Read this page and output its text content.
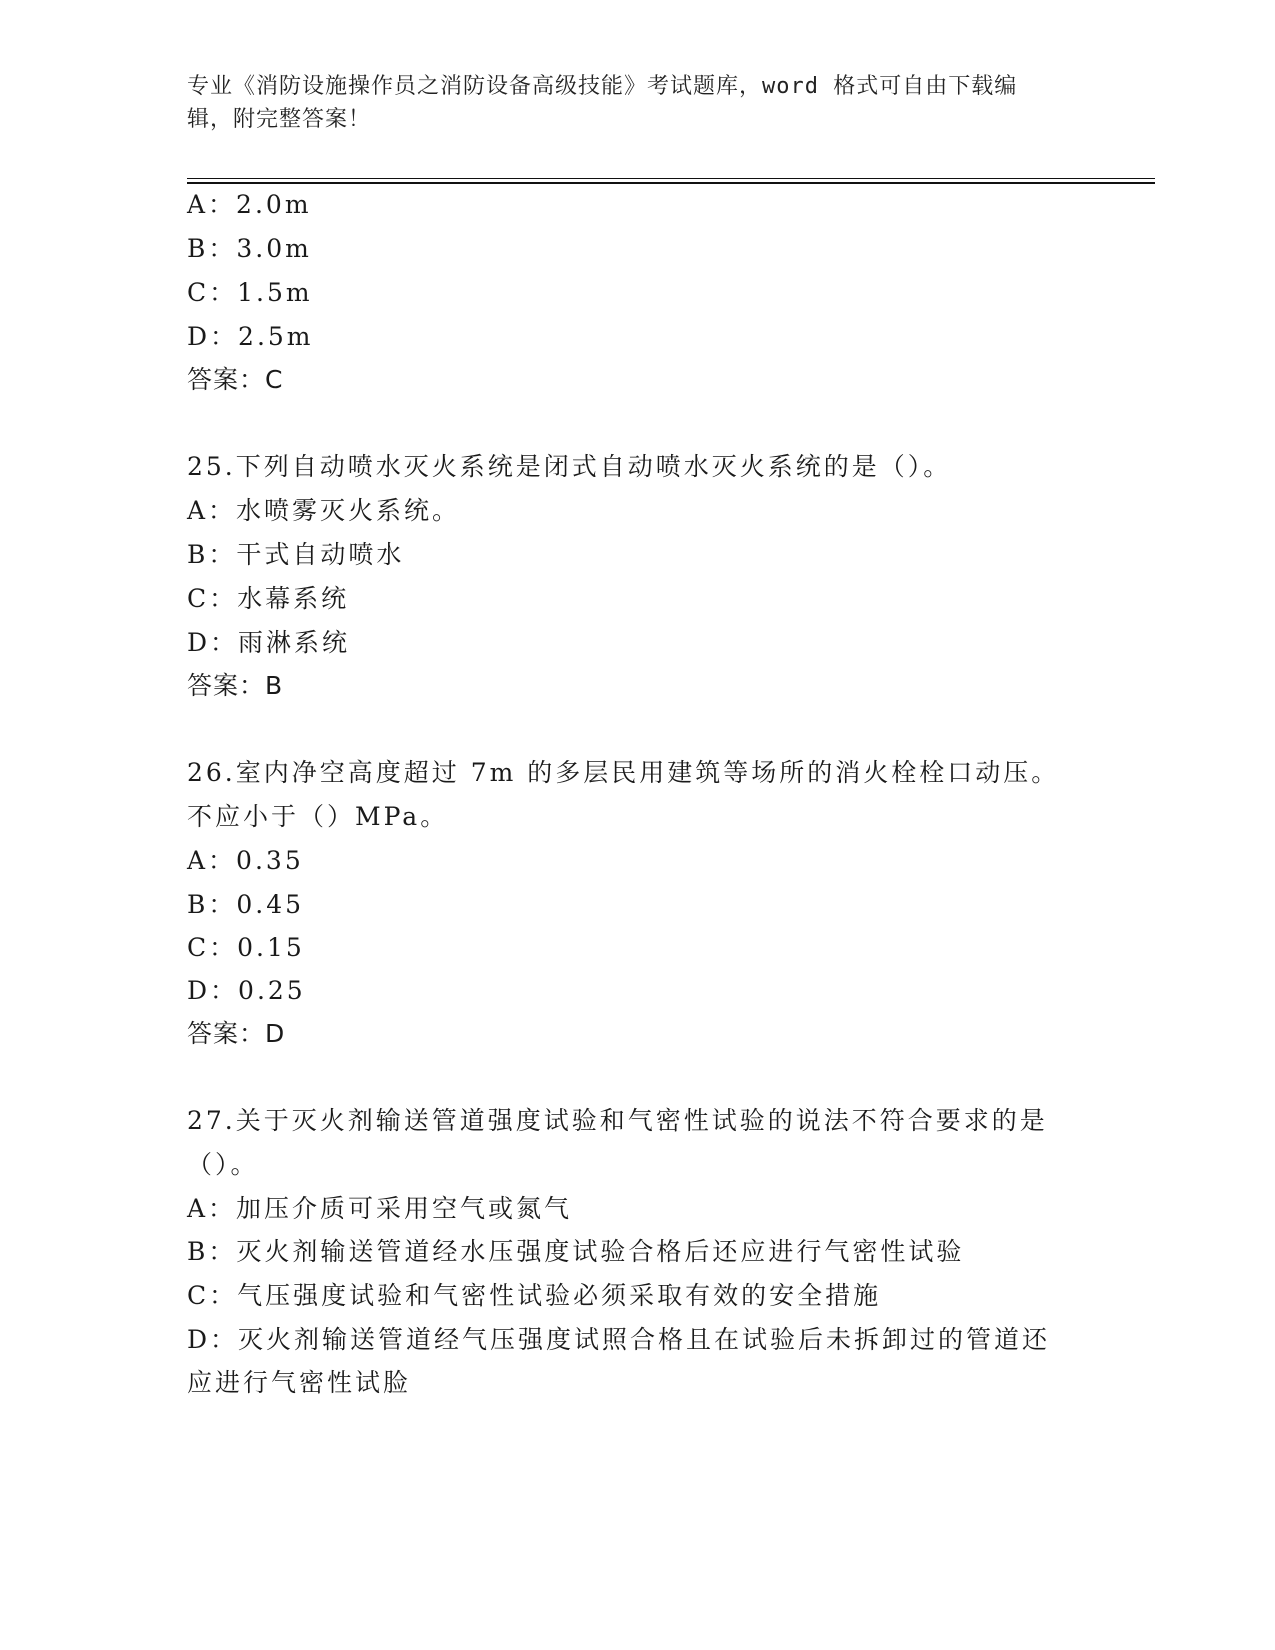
专业《消防设施操作员之消防设备高级技能》考试题库，word 格式可自由下载编
辑，附完整答案！
A：2.0m
B：3.0m
C：1.5m
D：2.5m
答案：C
25.下列自动喷水灭火系统是闭式自动喷水灭火系统的是（）。
A：水喷雾灭火系统。
B：干式自动喷水
C：水幕系统
D：雨淋系统
答案：B
26.室内净空高度超过 7m 的多层民用建筑等场所的消火栓栓口动压。
不应小于（）MPa。
A：0.35
B：0.45
C：0.15
D：0.25
答案：D
27.关于灭火剂输送管道强度试验和气密性试验的说法不符合要求的是
（）。
A：加压介质可采用空气或氮气
B：灭火剂输送管道经水压强度试验合格后还应进行气密性试验
C：气压强度试验和气密性试验必须采取有效的安全措施
D：灭火剂输送管道经气压强度试照合格且在试验后未拆卸过的管道还
应进行气密性试脸
